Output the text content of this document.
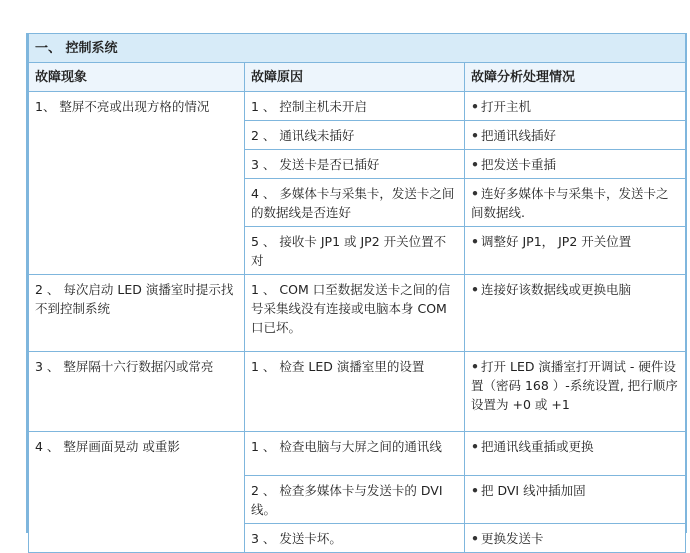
一、 控制系统		
故障现象	故障原因	故障分析处理情况
1、 整屏不亮或出现方格的情况	1 、 控制主机未开启	•打开主机
	2 、 通讯线未插好	•把通讯线插好
	3 、 发送卡是否已插好	•把发送卡重插
	4 、 多媒体卡与采集卡，发送卡之间的数据线是否连好	• 连好多媒体卡与采集卡，发送卡之间数据线.
	5 、 接收卡 JP1 或 JP2 开关位置不对	• 调整好 JP1， JP2 开关位置
2 、 每次启动 LED 演播室时提示找不到控制系统	1 、 COM 口至数据发送卡之间的信号采集线没有连接或电脑本身 COM 口已坏。	• 连接好该数据线或更换电脑
3 、 整屏隔十六行数据闪或常亮	1 、 检查 LED 演播室里的设置	•打开 LED 演播室打开调试 - 硬件设置（密码 168 ）-系统设置, 把行顺序设置为 +0 或 +1
4 、 整屏画面晃动 或重影	1 、 检查电脑与大屏之间的通讯线	•把通讯线重插或更换
	2 、 检查多媒体卡与发送卡的 DVI 线。	• 把 DVI 线冲插加固
	3 、 发送卡坏。	•更换发送卡
